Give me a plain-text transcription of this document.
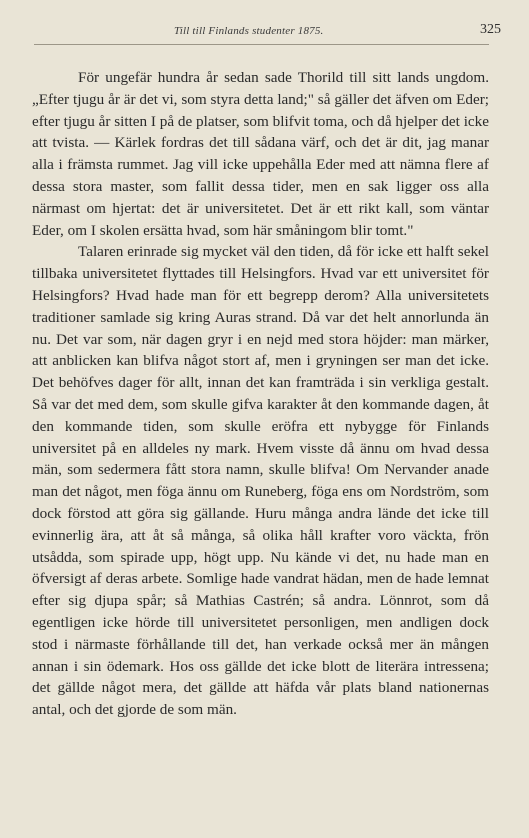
Till till Finlands studenter 1875.	325

För ungefär hundra år sedan sade Thorild till sitt lands ungdom. „Efter tjugu år är det vi, som styra detta land;" så gäller det äfven om Eder; efter tjugu år sitten I på de platser, som blifvit toma, och då hjelper det icke att tvista. — Kärlek fordras det till sådana värf, och det är dit, jag manar alla i främsta rummet. Jag vill icke uppehålla Eder med att nämna flere af dessa stora master, som fallit dessa tider, men en sak ligger oss alla närmast om hjertat: det är universitetet. Det är ett rikt kall, som väntar Eder, om I skolen ersätta hvad, som här småningom blir tomt."

Talaren erinrade sig mycket väl den tiden, då för icke ett halft sekel tillbaka universitetet flyttades till Helsingfors. Hvad var ett universitet för Helsingfors? Hvad hade man för ett begrepp derom? Alla universitetets traditioner samlade sig kring Auras strand. Då var det helt annorlunda än nu. Det var som, när dagen gryr i en nejd med stora höjder: man märker, att anblicken kan blifva något stort af, men i gryningen ser man det icke. Det behöfves dager för allt, innan det kan framträda i sin verkliga gestalt. Så var det med dem, som skulle gifva karakter åt den kommande dagen, åt den kommande tiden, som skulle eröfra ett nybygge för Finlands universitet på en alldeles ny mark. Hvem visste då ännu om hvad dessa män, som sedermera fått stora namn, skulle blifva! Om Nervander anade man det något, men föga ännu om Runeberg, föga ens om Nordström, som dock förstod att göra sig gällande. Huru många andra lände det icke till evinnerlig ära, att åt så många, så olika håll krafter voro väckta, frön utsådda, som spirade upp, högt upp. Nu kände vi det, nu hade man en öfversigt af deras arbete. Somlige hade vandrat hädan, men de hade lemnat efter sig djupa spår; så Mathias Castrén; så andra. Lönnrot, som då egentligen icke hörde till universitetet personligen, men andligen dock stod i närmaste förhållande till det, han verkade också mer än mången annan i sin ödemark. Hos oss gällde det icke blott de literära intressena; det gällde något mera, det gällde att häfda vår plats bland nationernas antal, och det gjorde de som män.
